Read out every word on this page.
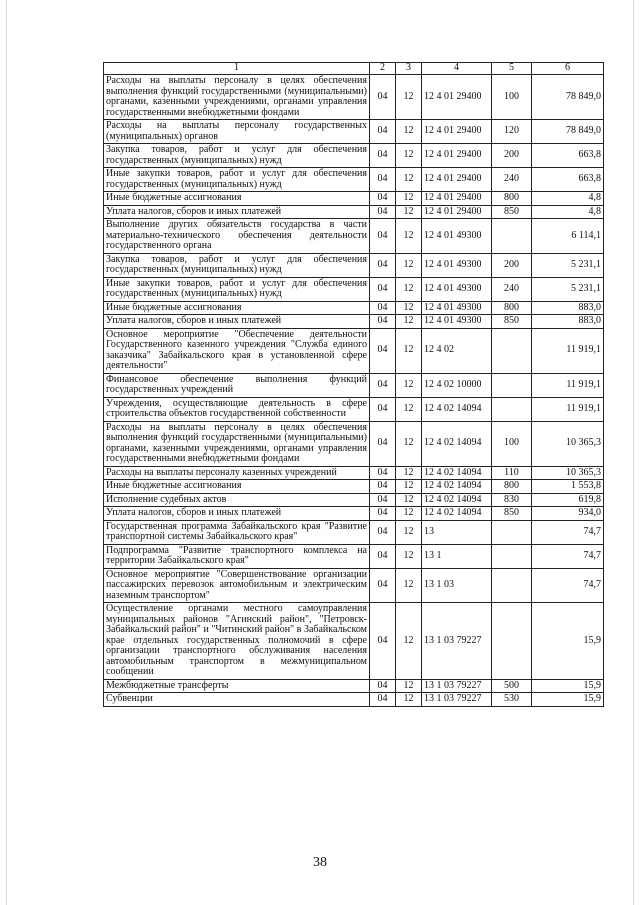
1	2	3	4	5	6
Расходы на выплаты персоналу в целях обеспечения выполнения функций государственными (муниципальными) органами, казенными учреждениями, органами управления государственными внебюджетными фондами	04	12	12 4 01 29400	100	78 849,0
Расходы на выплаты персоналу государственных (муниципальных) органов	04	12	12 4 01 29400	120	78 849,0
Закупка товаров, работ и услуг для обеспечения государственных (муниципальных) нужд	04	12	12 4 01 29400	200	663,8
Иные закупки товаров, работ и услуг для обеспечения государственных (муниципальных) нужд	04	12	12 4 01 29400	240	663,8
Иные бюджетные ассигнования	04	12	12 4 01 29400	800	4,8
Уплата налогов, сборов и иных платежей	04	12	12 4 01 29400	850	4,8
Выполнение других обязательств государства в части материально-технического обеспечения деятельности государственного органа	04	12	12 4 01 49300		6 114,1
Закупка товаров, работ и услуг для обеспечения государственных (муниципальных) нужд	04	12	12 4 01 49300	200	5 231,1
Иные закупки товаров, работ и услуг для обеспечения государственных (муниципальных) нужд	04	12	12 4 01 49300	240	5 231,1
Иные бюджетные ассигнования	04	12	12 4 01 49300	800	883,0
Уплата налогов, сборов и иных платежей	04	12	12 4 01 49300	850	883,0
Основное мероприятие "Обеспечение деятельности Государственного казенного учреждения "Служба единого заказчика" Забайкальского края в установленной сфере деятельности"	04	12	12 4 02		11 919,1
Финансовое обеспечение выполнения функций государственных учреждений	04	12	12 4 02 10000		11 919,1
Учреждения, осуществляющие деятельность в сфере строительства объектов государственной собственности	04	12	12 4 02 14094		11 919,1
Расходы на выплаты персоналу в целях обеспечения выполнения функций государственными (муниципальными) органами, казенными учреждениями, органами управления государственными внебюджетными фондами	04	12	12 4 02 14094	100	10 365,3
Расходы на выплаты персоналу казенных учреждений	04	12	12 4 02 14094	110	10 365,3
Иные бюджетные ассигнования	04	12	12 4 02 14094	800	1 553,8
Исполнение судебных актов	04	12	12 4 02 14094	830	619,8
Уплата налогов, сборов и иных платежей	04	12	12 4 02 14094	850	934,0
Государственная программа Забайкальского края "Развитие транспортной системы Забайкальского края"	04	12	13		74,7
Подпрограмма "Развитие транспортного комплекса на территории Забайкальского края"	04	12	13 1		74,7
Основное мероприятие "Совершенствование организации пассажирских перевозок автомобильным и электрическим наземным транспортом"	04	12	13 1 03		74,7
Осуществление органами местного самоуправления муниципальных районов "Агинский район", "Петровск-Забайкальский район" и "Читинский район" в Забайкальском крае отдельных государственных полномочий в сфере организации транспортного обслуживания населения автомобильным транспортом в межмуниципальном сообщении	04	12	13 1 03 79227		15,9
Межбюджетные трансферты	04	12	13 1 03 79227	500	15,9
Субвенции	04	12	13 1 03 79227	530	15,9
38
